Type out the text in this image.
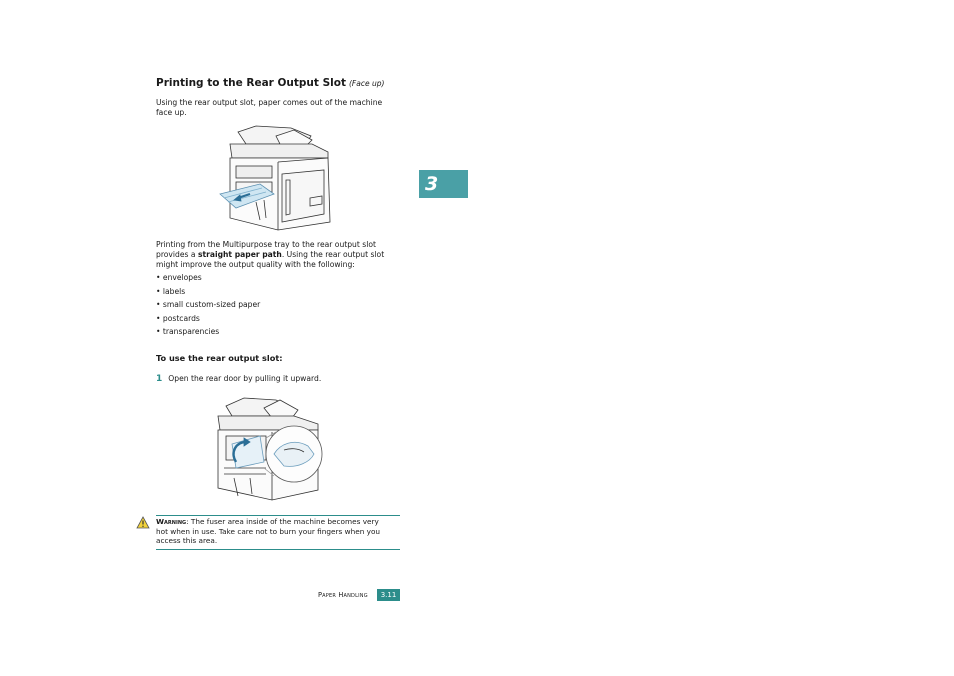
Printing to the Rear Output Slot (Face up)
Using the rear output slot, paper comes out of the machine
face up.
Printing from the Multipurpose tray to the rear output slot
provides a straight paper path. Using the rear output slot
might improve the output quality with the following:
• envelopes
• labels
• small custom-sized paper
• postcards
• transparencies
To use the rear output slot:
1 Open the rear door by pulling it upward.
Warning: The fuser area inside of the machine becomes very
hot when in use. Take care not to burn your fingers when you
access this area.
3
Paper Handling 3.11
